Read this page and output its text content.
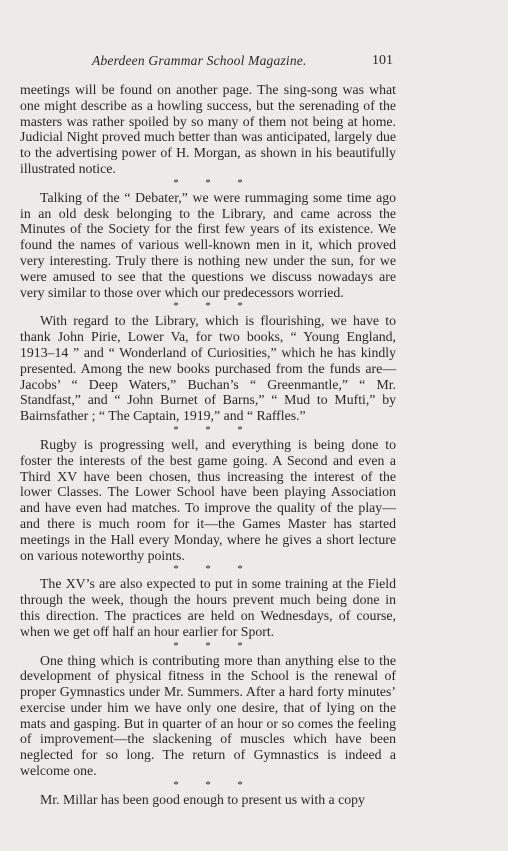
Aberdeen Grammar School Magazine.	101

meetings will be found on another page. The sing-song was what one might describe as a howling success, but the serenading of the masters was rather spoiled by so many of them not being at home. Judicial Night proved much better than was anticipated, largely due to the advertising power of H. Morgan, as shown in his beautifully illustrated notice.

* * *

Talking of the “ Debater,” we were rummaging some time ago in an old desk belonging to the Library, and came across the Minutes of the Society for the first few years of its existence. We found the names of various well-known men in it, which proved very interesting. Truly there is nothing new under the sun, for we were amused to see that the questions we discuss nowadays are very similar to those over which our predecessors worried.

* * *

With regard to the Library, which is flourishing, we have to thank John Pirie, Lower Va, for two books, “ Young England, 1913–14 ” and “ Wonderland of Curiosities,” which he has kindly presented. Among the new books purchased from the funds are—Jacobs’ “ Deep Waters,” Buchan’s “ Greenmantle,” “ Mr. Standfast,” and “ John Burnet of Barns,” “ Mud to Mufti,” by Bairnsfather ; “ The Captain, 1919,” and “ Raffles.”

* * *

Rugby is progressing well, and everything is being done to foster the interests of the best game going. A Second and even a Third XV have been chosen, thus increasing the interest of the lower Classes. The Lower School have been playing Association and have even had matches. To improve the quality of the play—and there is much room for it—the Games Master has started meetings in the Hall every Monday, where he gives a short lecture on various noteworthy points.

* * *

The XV’s are also expected to put in some training at the Field through the week, though the hours prevent much being done in this direction. The practices are held on Wednesdays, of course, when we get off half an hour earlier for Sport.

* * *

One thing which is contributing more than anything else to the development of physical fitness in the School is the renewal of proper Gymnastics under Mr. Summers. After a hard forty minutes’ exercise under him we have only one desire, that of lying on the mats and gasping. But in quarter of an hour or so comes the feeling of improvement—the slackening of muscles which have been neglected for so long. The return of Gymnastics is indeed a welcome one.

* * *

Mr. Millar has been good enough to present us with a copy
